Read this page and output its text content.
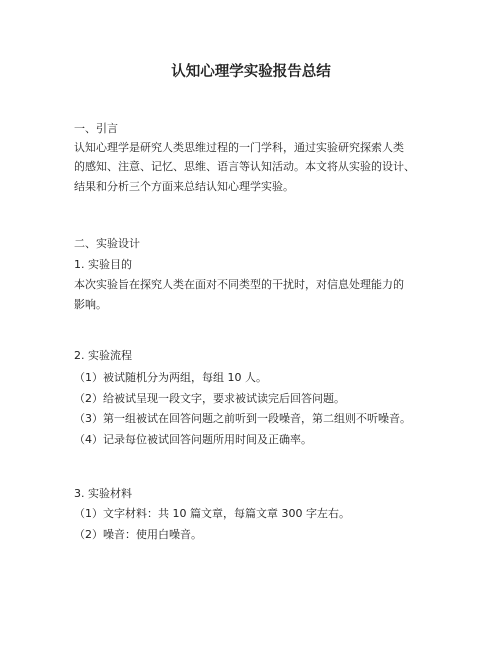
认知心理学实验报告总结
一、引言
认知心理学是研究人类思维过程的一门学科，通过实验研究探索人类
的感知、注意、记忆、思维、语言等认知活动。本文将从实验的设计、
结果和分析三个方面来总结认知心理学实验。
二、实验设计
1. 实验目的
本次实验旨在探究人类在面对不同类型的干扰时，对信息处理能力的
影响。
2. 实验流程
（1）被试随机分为两组，每组 10 人。
（2）给被试呈现一段文字，要求被试读完后回答问题。
（3）第一组被试在回答问题之前听到一段噪音，第二组则不听噪音。
（4）记录每位被试回答问题所用时间及正确率。
3. 实验材料
（1）文字材料：共 10 篇文章，每篇文章 300 字左右。
（2）噪音：使用白噪音。
